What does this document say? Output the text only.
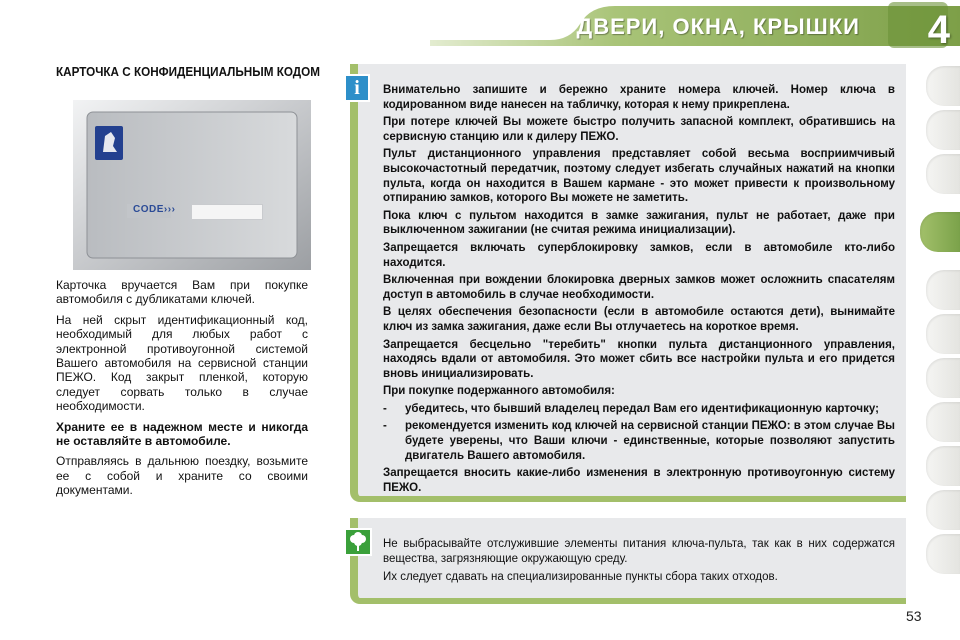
ДВЕРИ, ОКНА, КРЫШКИ 4
КАРТОЧКА С КОНФИДЕНЦИАЛЬНЫМ КОДОМ
CODE›››

Карточка вручается Вам при покупке автомобиля с дубликатами ключей.

На ней скрыт идентификационный код, необходимый для любых работ с электронной противоугонной системой Вашего автомобиля на сервисной станции ПЕЖО. Код закрыт пленкой, которую следует сорвать только в случае необходимости.

Храните ее в надежном месте и никогда не оставляйте в автомобиле.

Отправляясь в дальнюю поездку, возьмите ее с собой и храните со своими документами.

i	Внимательно запишите и бережно храните номера ключей. Номер ключа в кодированном виде нанесен на табличку, которая к нему прикреплена.

При потере ключей Вы можете быстро получить запасной комплект, обратившись на сервисную станцию или к дилеру ПЕЖО.

Пульт дистанционного управления представляет собой весьма восприимчивый высокочастотный передатчик, поэтому следует избегать случайных нажатий на кнопки пульта, когда он находится в Вашем кармане - это может привести к произвольному отпиранию замков, которого Вы можете не заметить.

Пока ключ с пультом находится в замке зажигания, пульт не работает, даже при выключенном зажигании (не считая режима инициализации).

Запрещается включать суперблокировку замков, если в автомобиле кто-либо находится.

Включенная при вождении блокировка дверных замков может осложнить спасателям доступ в автомобиль в случае необходимости.

В целях обеспечения безопасности (если в автомобиле остаются дети), вынимайте ключ из замка зажигания, даже если Вы отлучаетесь на короткое время.

Запрещается бесцельно "теребить" кнопки пульта дистанционного управления, находясь вдали от автомобиля. Это может сбить все настройки пульта и его придется вновь инициализировать.

При покупке подержанного автомобиля:

-	убедитесь, что бывший владелец передал Вам его идентификационную карточку;
-	рекомендуется изменить код ключей на сервисной станции ПЕЖО: в этом случае Вы будете уверены, что Ваши ключи - единственные, которые позволяют запустить двигатель Вашего автомобиля.

Запрещается вносить какие-либо изменения в электронную противоугонную систему ПЕЖО.

Не выбрасывайте отслужившие элементы питания ключа-пульта, так как в них содержатся вещества, загрязняющие окружающую среду.

Их следует сдавать на специализированные пункты сбора таких отходов.

53
